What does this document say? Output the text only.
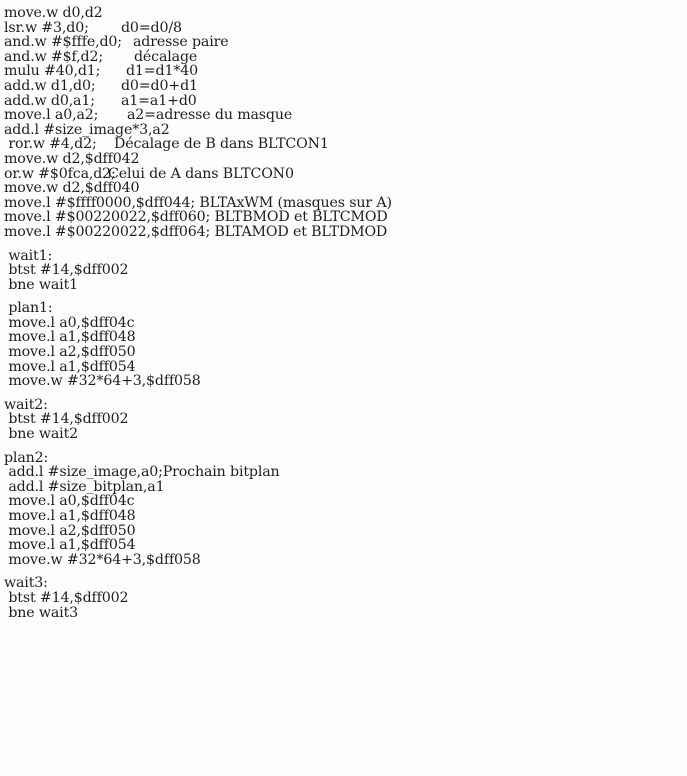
move.w d0,d2
lsr.w #3,d0;	d0=d0/8
and.w #$fffe,d0; adresse paire
and.w #$f,d2;	décalage
mulu #40,d1;	d1=d1*40
add.w d1,d0;	d0=d0+d1
add.w d0,a1;	a1=a1+d0
move.l a0,a2;	a2=adresse du masque
add.l #size_image*3,a2
ror.w #4,d2;	Décalage de B dans BLTCON1
move.w d2,$dff042
or.w #$0fca,d2;
Celui de A dans BLTCON0
move.w d2,$dff040
move.l #$ffff0000,$dff044; BLTAxWM (masques sur A)
move.l #$00220022,$dff060; BLTBMOD et BLTCMOD
move.l #$00220022,$dff064; BLTAMOD et BLTDMOD
wait1:
btst #14,$dff002
bne wait1
plan1:
move.l a0,$dff04c
move.l a1,$dff048
move.l a2,$dff050
move.l a1,$dff054
move.w #32*64+3,$dff058
wait2:
btst #14,$dff002
bne wait2
plan2:
add.l #size_image,a0; Prochain bitplan
add.l #size_bitplan,a1
move.l a0,$dff04c
move.l a1,$dff048
move.l a2,$dff050
move.l a1,$dff054
move.w #32*64+3,$dff058
wait3:
btst #14,$dff002
bne wait3
